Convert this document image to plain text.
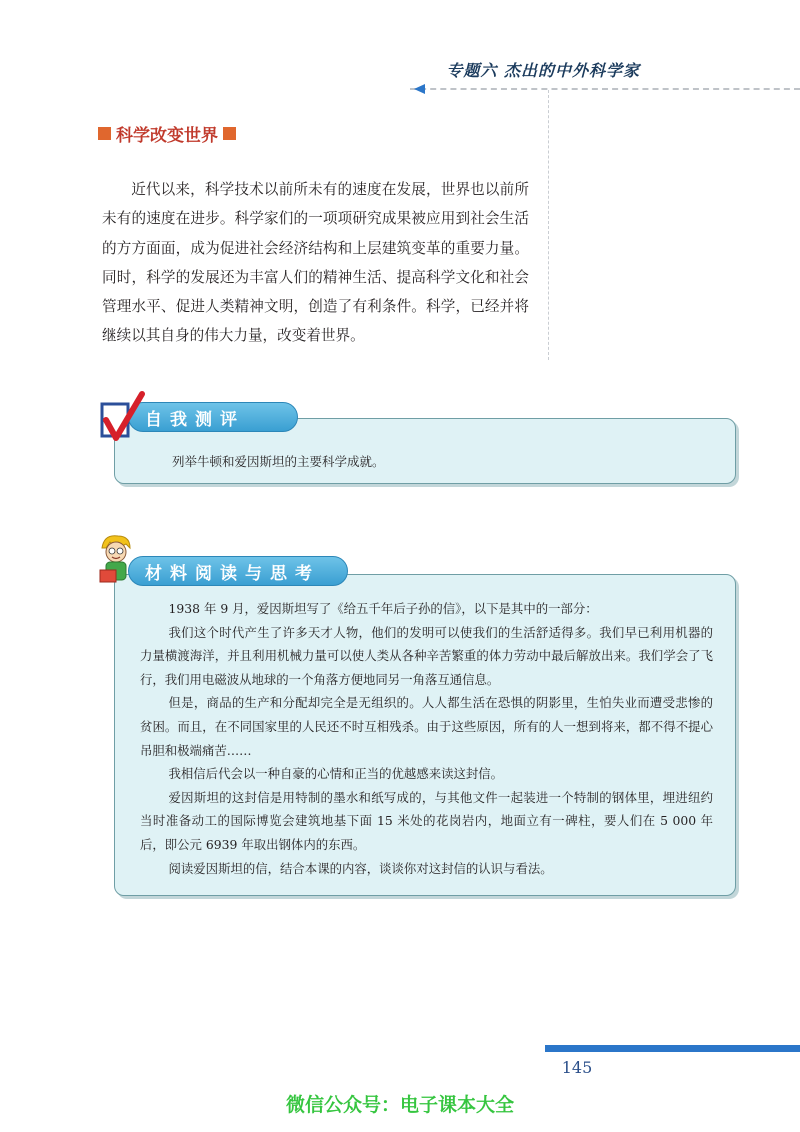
专题六 杰出的中外科学家
科学改变世界

近代以来，科学技术以前所未有的速度在发展，世界也以前所未有的速度在进步。科学家们的一项项研究成果被应用到社会生活的方方面面，成为促进社会经济结构和上层建筑变革的重要力量。同时，科学的发展还为丰富人们的精神生活、提高科学文化和社会管理水平、促进人类精神文明，创造了有利条件。科学，已经并将继续以其自身的伟大力量，改变着世界。

自我测评
列举牛顿和爱因斯坦的主要科学成就。
材料阅读与思考

1938 年 9 月，爱因斯坦写了《给五千年后子孙的信》，以下是其中的一部分：

我们这个时代产生了许多天才人物，他们的发明可以使我们的生活舒适得多。我们早已利用机器的力量横渡海洋，并且利用机械力量可以使人类从各种辛苦繁重的体力劳动中最后解放出来。我们学会了飞行，我们用电磁波从地球的一个角落方便地同另一角落互通信息。

但是，商品的生产和分配却完全是无组织的。人人都生活在恐惧的阴影里，生怕失业而遭受悲惨的贫困。而且，在不同国家里的人民还不时互相残杀。由于这些原因，所有的人一想到将来，都不得不提心吊胆和极端痛苦……

我相信后代会以一种自豪的心情和正当的优越感来读这封信。

爱因斯坦的这封信是用特制的墨水和纸写成的，与其他文件一起装进一个特制的钢体里，埋进纽约当时准备动工的国际博览会建筑地基下面 15 米处的花岗岩内，地面立有一碑柱，要人们在 5 000 年后，即公元 6939 年取出钢体内的东西。

阅读爱因斯坦的信，结合本课的内容，谈谈你对这封信的认识与看法。

145
微信公众号：电子课本大全
